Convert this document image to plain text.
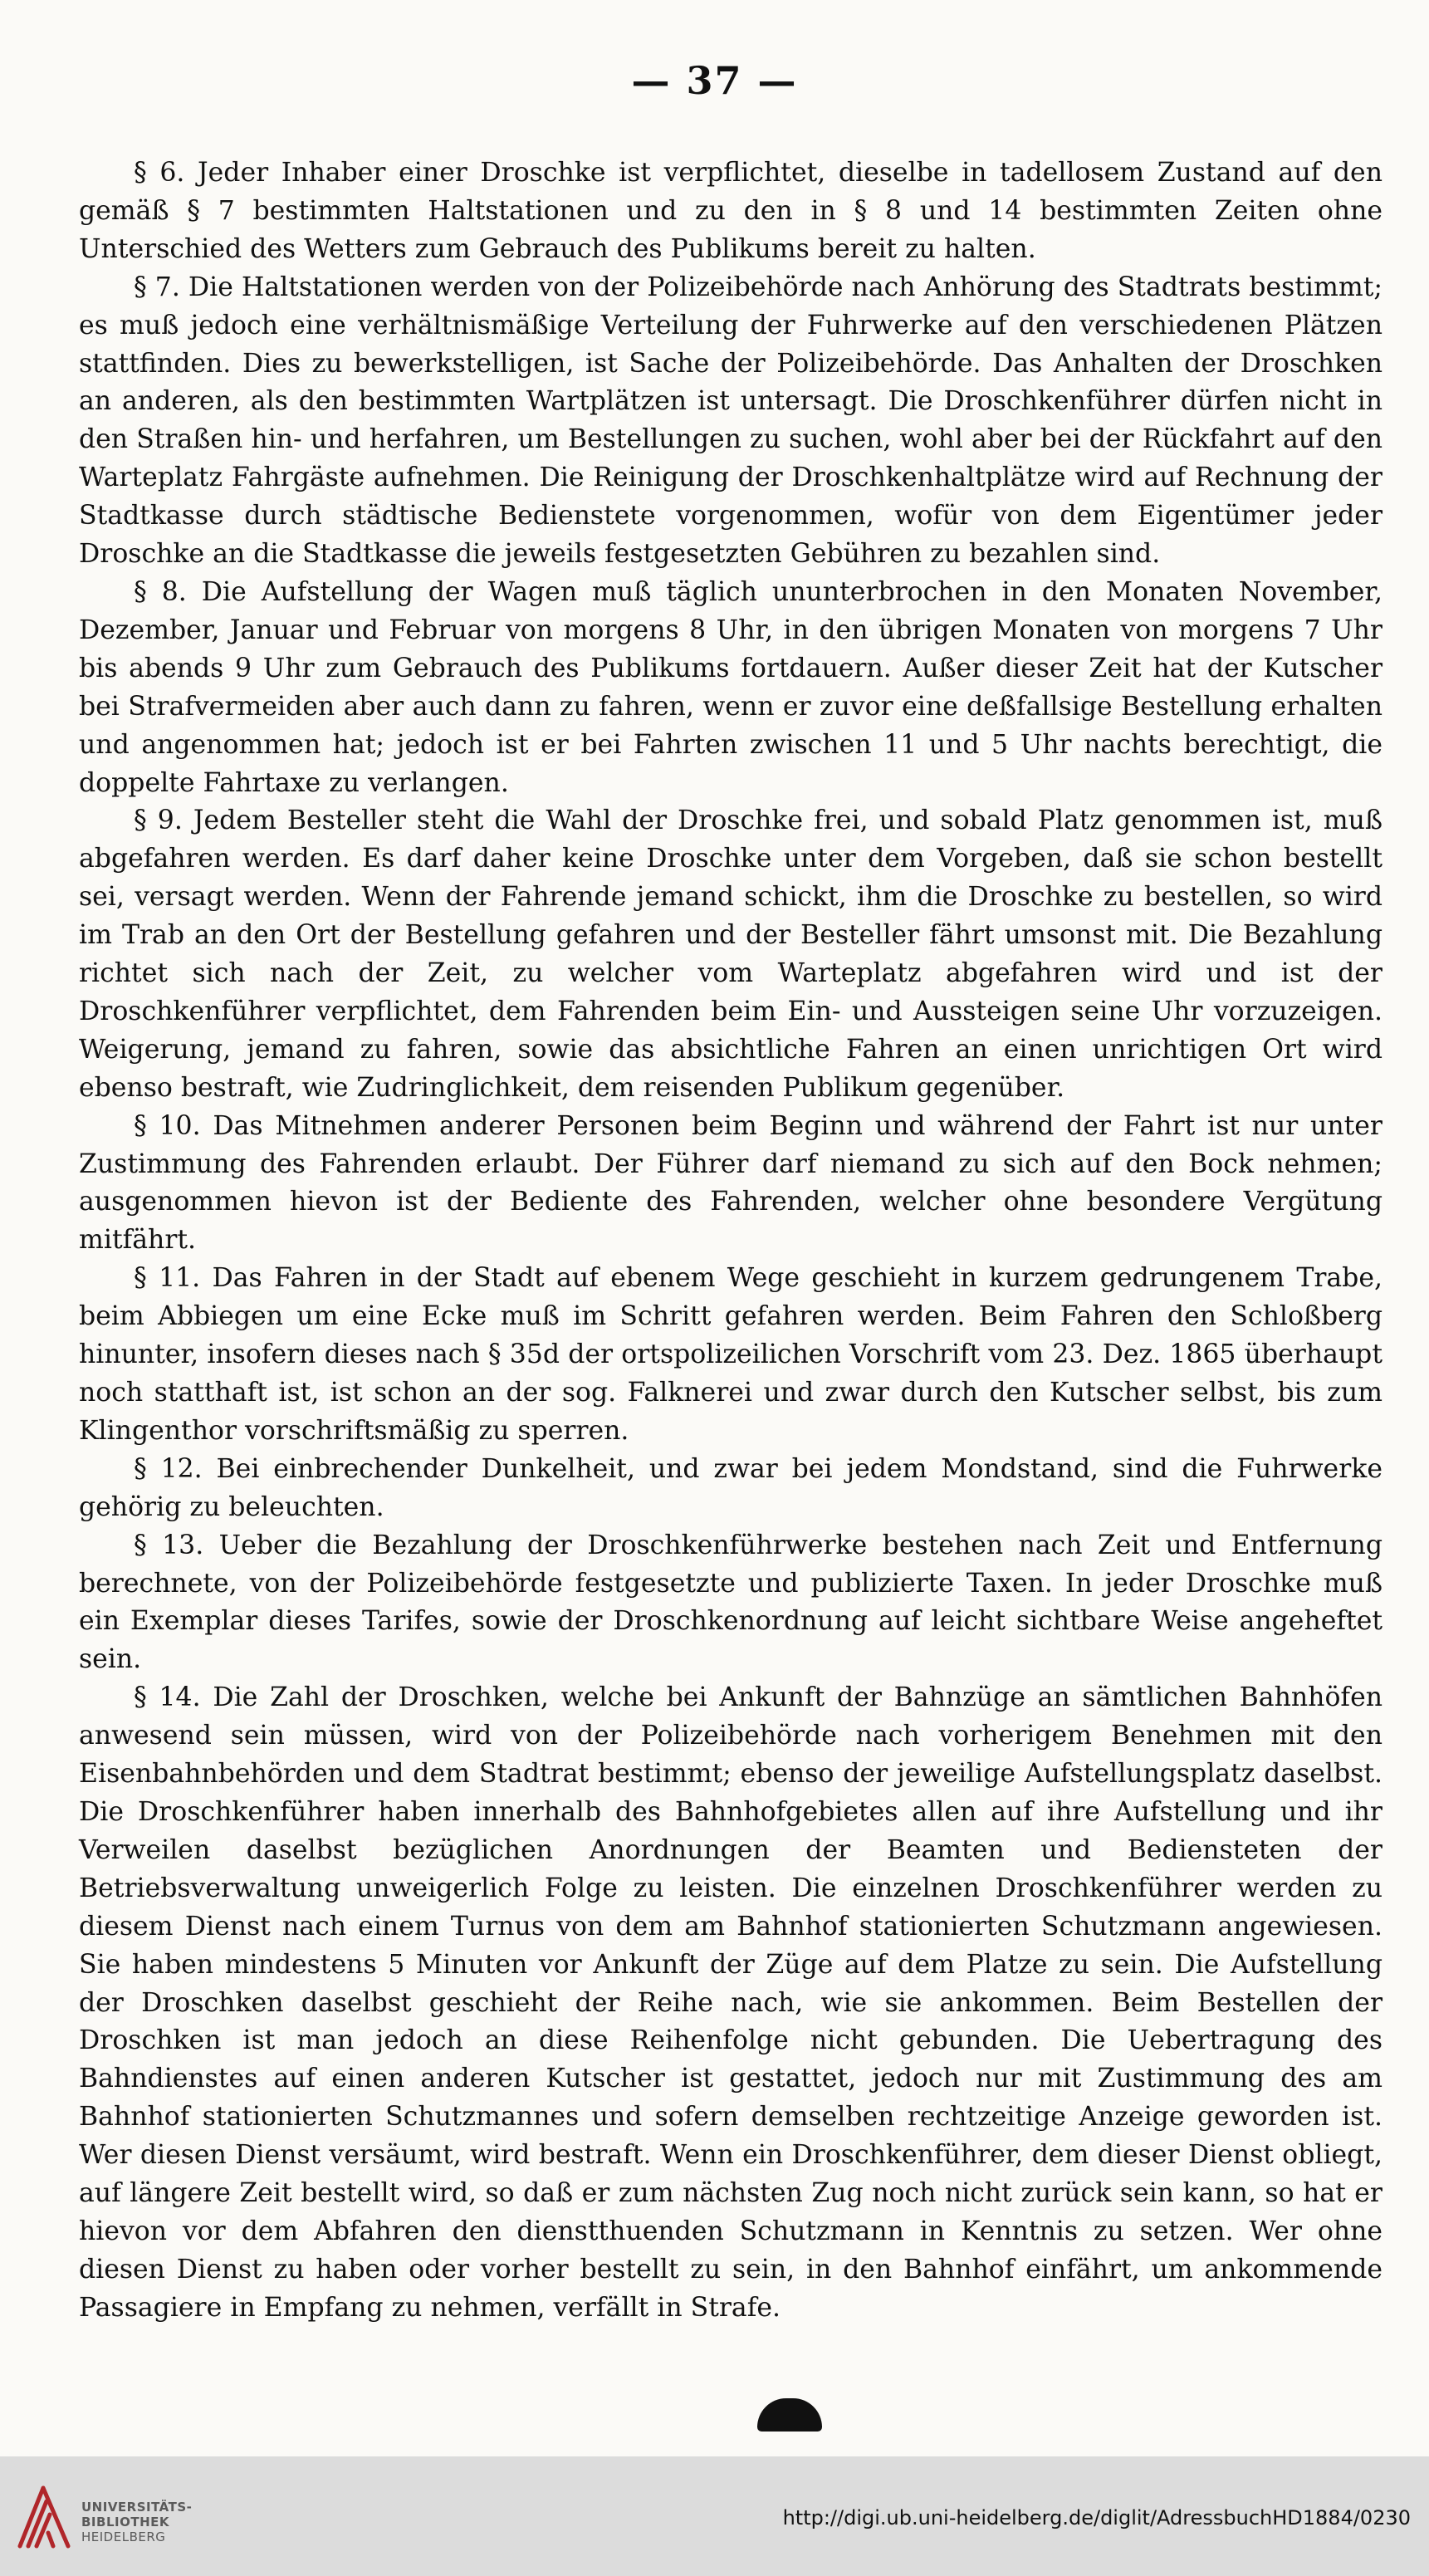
— 37 —

§ 6. Jeder Inhaber einer Droschke ist verpflichtet, dieselbe in tadellosem Zustand auf den gemäß § 7 bestimmten Haltstationen und zu den in § 8 und 14 bestimmten Zeiten ohne Unterschied des Wetters zum Gebrauch des Publikums bereit zu halten.

§ 7. Die Haltstationen werden von der Polizeibehörde nach Anhörung des Stadtrats bestimmt; es muß jedoch eine verhältnismäßige Verteilung der Fuhrwerke auf den verschiedenen Plätzen stattfinden. Dies zu bewerkstelligen, ist Sache der Polizeibehörde. Das Anhalten der Droschken an anderen, als den bestimmten Wartplätzen ist untersagt. Die Droschkenführer dürfen nicht in den Straßen hin- und herfahren, um Bestellungen zu suchen, wohl aber bei der Rückfahrt auf den Warteplatz Fahrgäste aufnehmen. Die Reinigung der Droschkenhaltplätze wird auf Rechnung der Stadtkasse durch städtische Bedienstete vorgenommen, wofür von dem Eigentümer jeder Droschke an die Stadtkasse die jeweils festgesetzten Gebühren zu bezahlen sind.

§ 8. Die Aufstellung der Wagen muß täglich ununterbrochen in den Monaten November, Dezember, Januar und Februar von morgens 8 Uhr, in den übrigen Monaten von morgens 7 Uhr bis abends 9 Uhr zum Gebrauch des Publikums fortdauern. Außer dieser Zeit hat der Kutscher bei Strafvermeiden aber auch dann zu fahren, wenn er zuvor eine deßfallsige Bestellung erhalten und angenommen hat; jedoch ist er bei Fahrten zwischen 11 und 5 Uhr nachts berechtigt, die doppelte Fahrtaxe zu verlangen.

§ 9. Jedem Besteller steht die Wahl der Droschke frei, und sobald Platz genommen ist, muß abgefahren werden. Es darf daher keine Droschke unter dem Vorgeben, daß sie schon bestellt sei, versagt werden. Wenn der Fahrende jemand schickt, ihm die Droschke zu bestellen, so wird im Trab an den Ort der Bestellung gefahren und der Besteller fährt umsonst mit. Die Bezahlung richtet sich nach der Zeit, zu welcher vom Warteplatz abgefahren wird und ist der Droschkenführer verpflichtet, dem Fahrenden beim Ein- und Aussteigen seine Uhr vorzuzeigen. Weigerung, jemand zu fahren, sowie das absichtliche Fahren an einen unrichtigen Ort wird ebenso bestraft, wie Zudringlichkeit, dem reisenden Publikum gegenüber.

§ 10. Das Mitnehmen anderer Personen beim Beginn und während der Fahrt ist nur unter Zustimmung des Fahrenden erlaubt. Der Führer darf niemand zu sich auf den Bock nehmen; ausgenommen hievon ist der Bediente des Fahrenden, welcher ohne besondere Vergütung mitfährt.

§ 11. Das Fahren in der Stadt auf ebenem Wege geschieht in kurzem gedrungenem Trabe, beim Abbiegen um eine Ecke muß im Schritt gefahren werden. Beim Fahren den Schloßberg hinunter, insofern dieses nach § 35d der ortspolizeilichen Vorschrift vom 23. Dez. 1865 überhaupt noch statthaft ist, ist schon an der sog. Falknerei und zwar durch den Kutscher selbst, bis zum Klingenthor vorschriftsmäßig zu sperren.

§ 12. Bei einbrechender Dunkelheit, und zwar bei jedem Mondstand, sind die Fuhrwerke gehörig zu beleuchten.

§ 13. Ueber die Bezahlung der Droschkenführwerke bestehen nach Zeit und Entfernung berechnete, von der Polizeibehörde festgesetzte und publizierte Taxen. In jeder Droschke muß ein Exemplar dieses Tarifes, sowie der Droschkenordnung auf leicht sichtbare Weise angeheftet sein.

§ 14. Die Zahl der Droschken, welche bei Ankunft der Bahnzüge an sämtlichen Bahnhöfen anwesend sein müssen, wird von der Polizeibehörde nach vorherigem Benehmen mit den Eisenbahnbehörden und dem Stadtrat bestimmt; ebenso der jeweilige Aufstellungsplatz daselbst. Die Droschkenführer haben innerhalb des Bahnhofgebietes allen auf ihre Aufstellung und ihr Verweilen daselbst bezüglichen Anordnungen der Beamten und Bediensteten der Betriebsverwaltung unweigerlich Folge zu leisten. Die einzelnen Droschkenführer werden zu diesem Dienst nach einem Turnus von dem am Bahnhof stationierten Schutzmann angewiesen. Sie haben mindestens 5 Minuten vor Ankunft der Züge auf dem Platze zu sein. Die Aufstellung der Droschken daselbst geschieht der Reihe nach, wie sie ankommen. Beim Bestellen der Droschken ist man jedoch an diese Reihenfolge nicht gebunden. Die Uebertragung des Bahndienstes auf einen anderen Kutscher ist gestattet, jedoch nur mit Zustimmung des am Bahnhof stationierten Schutzmannes und sofern demselben rechtzeitige Anzeige geworden ist. Wer diesen Dienst versäumt, wird bestraft. Wenn ein Droschkenführer, dem dieser Dienst obliegt, auf längere Zeit bestellt wird, so daß er zum nächsten Zug noch nicht zurück sein kann, so hat er hievon vor dem Abfahren den dienstthuenden Schutzmann in Kenntnis zu setzen. Wer ohne diesen Dienst zu haben oder vorher bestellt zu sein, in den Bahnhof einfährt, um ankommende Passagiere in Empfang zu nehmen, verfällt in Strafe.

UNIVERSITÄTS-
BIBLIOTHEK
HEIDELBERG
http://digi.ub.uni-heidelberg.de/diglit/AdressbuchHD1884/0230
